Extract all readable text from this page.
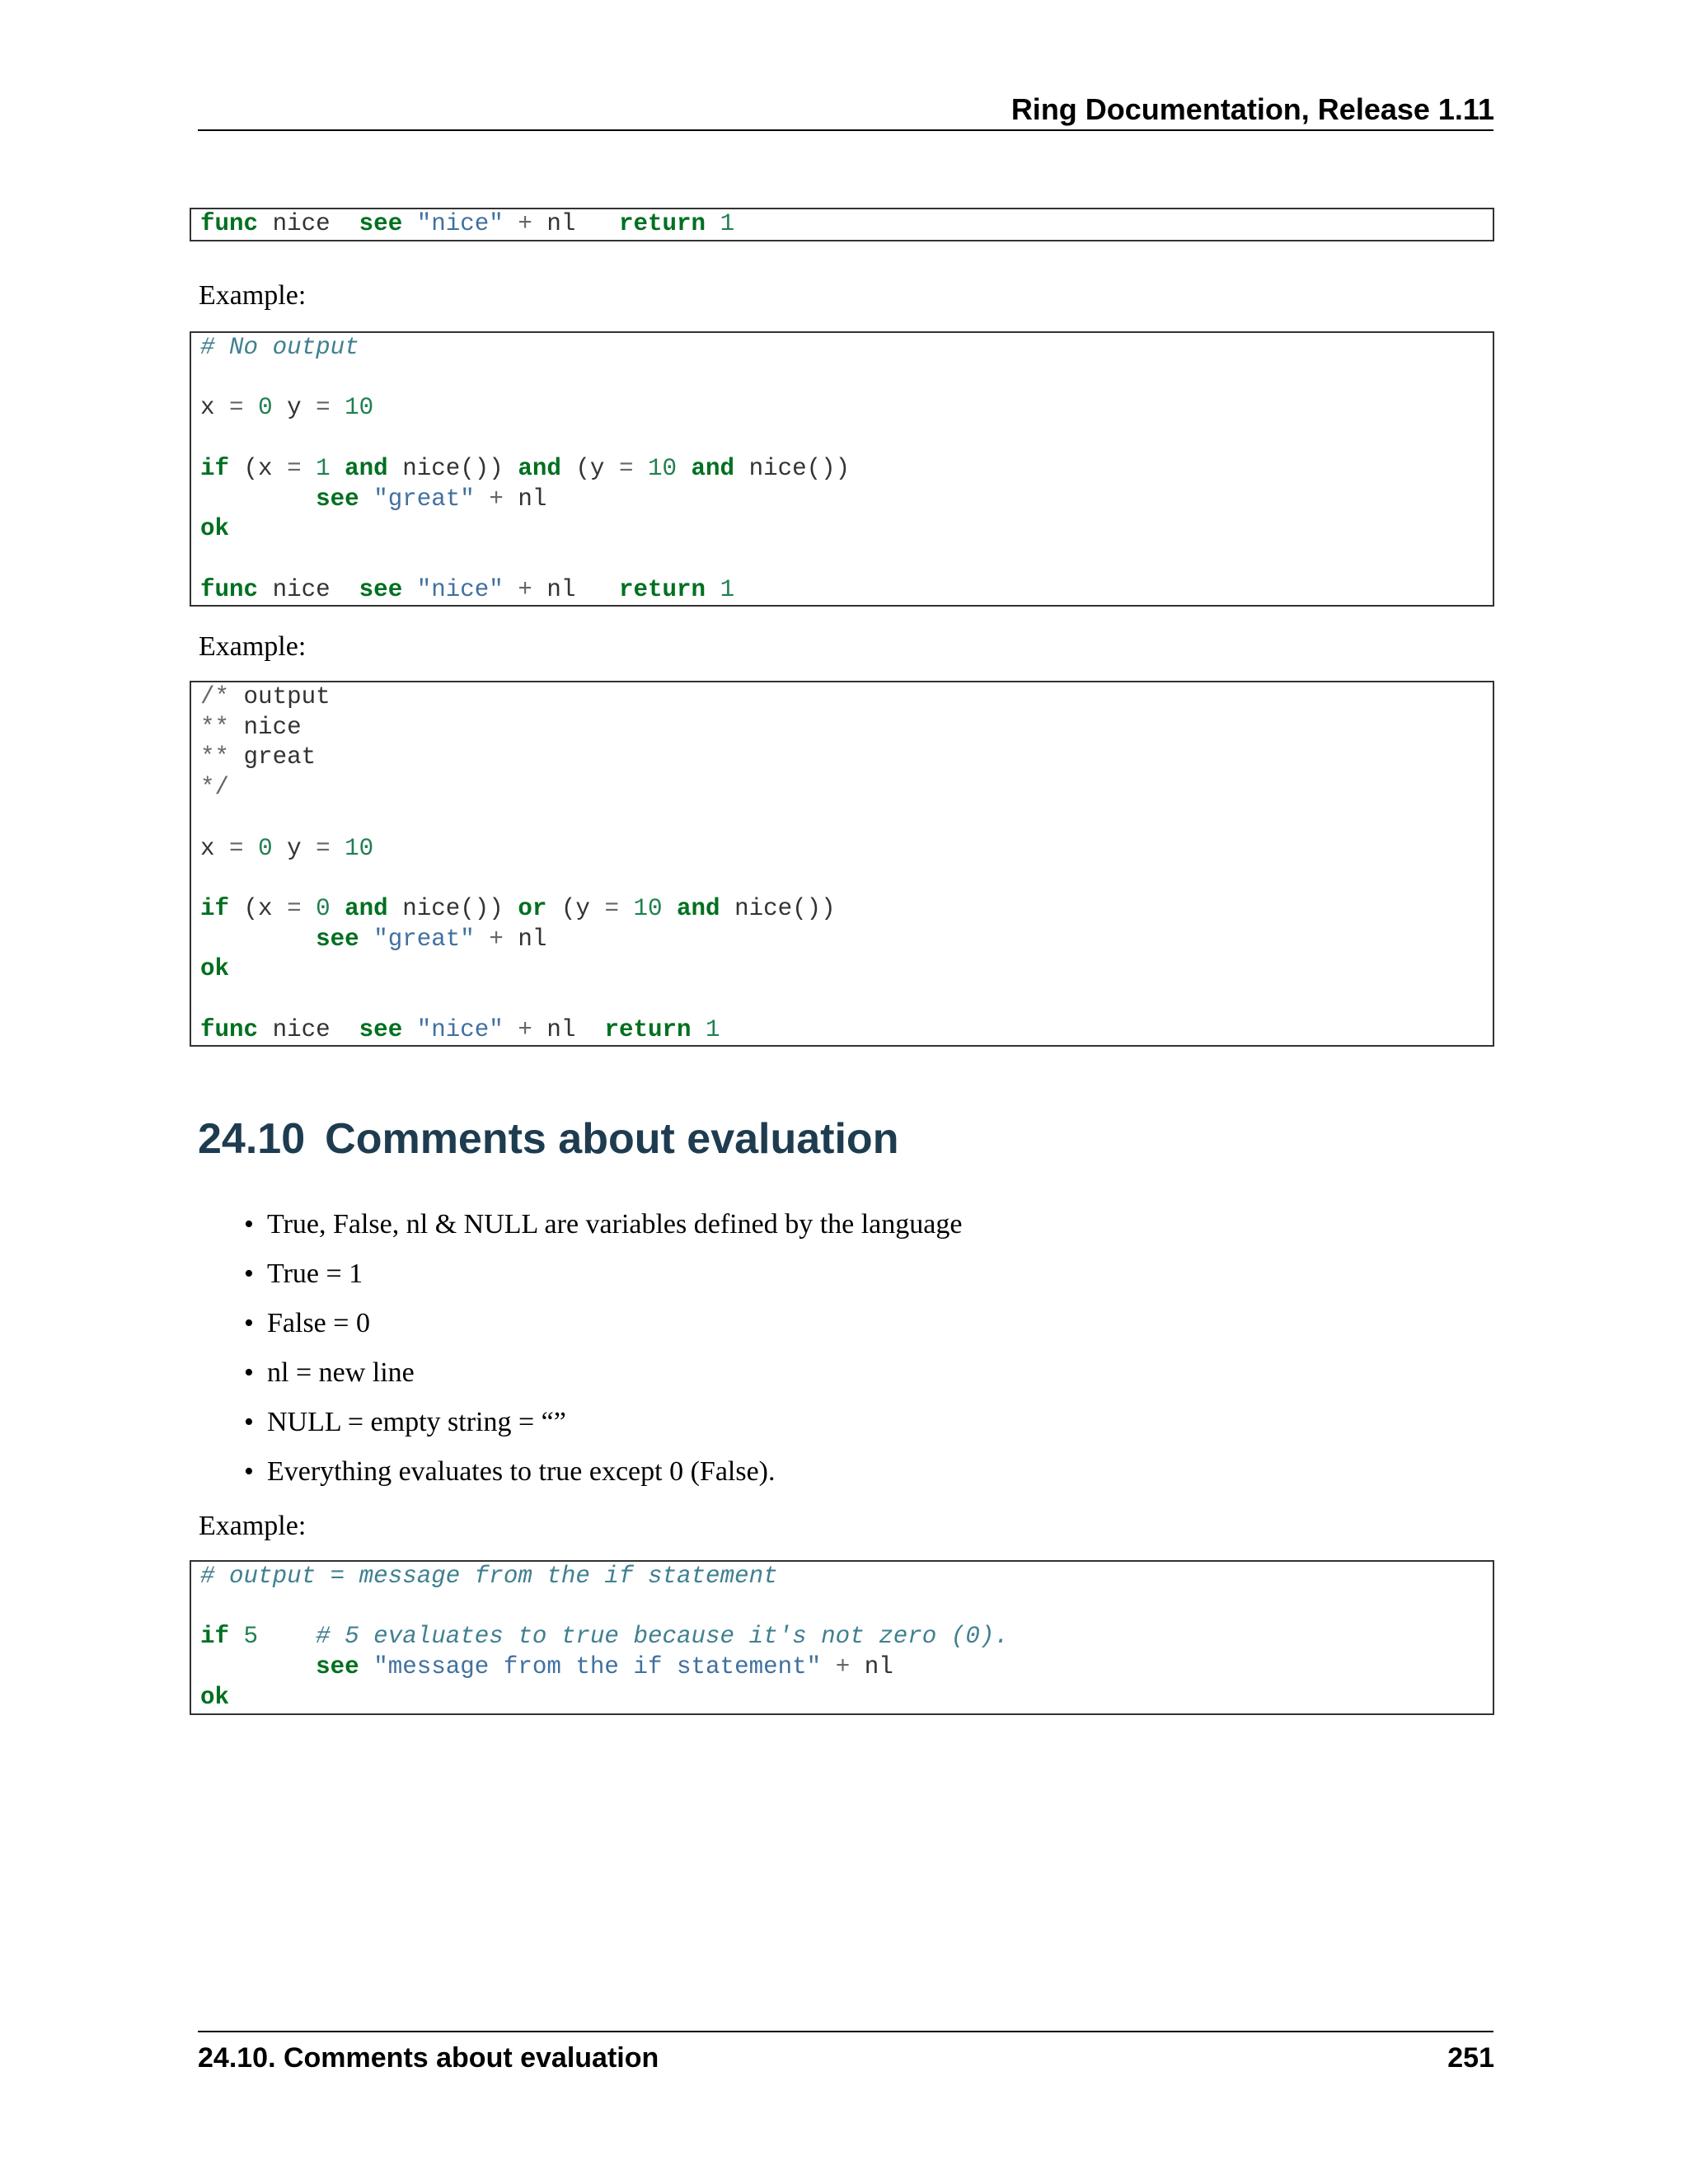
Ring Documentation, Release 1.11
func nice  see "nice" + nl   return 1
Example:
# No output

x = 0 y = 10

if (x = 1 and nice()) and (y = 10 and nice())
see "great" + nl
ok

func nice  see "nice" + nl   return 1
Example:
/* output
** nice
** great
*/

x = 0 y = 10

if (x = 0 and nice()) or (y = 10 and nice())
see "great" + nl
ok

func nice  see "nice" + nl  return 1
24.10 Comments about evaluation
• True, False, nl & NULL are variables defined by the language
• True = 1
• False = 0
• nl = new line
• NULL = empty string = “”
• Everything evaluates to true except 0 (False).
Example:
# output = message from the if statement

if 5 # 5 evaluates to true because it's not zero (0).
see "message from the if statement" + nl
ok
24.10. Comments about evaluation	251
